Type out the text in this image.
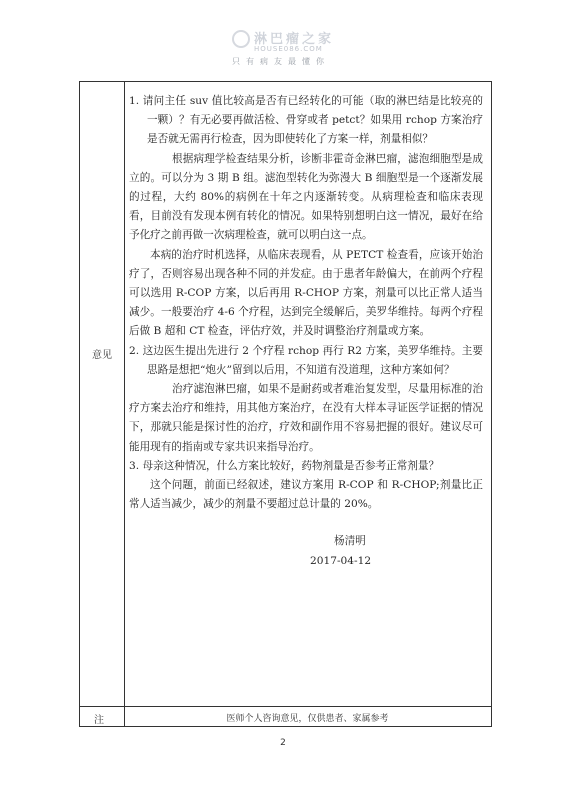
淋巴瘤之家
HOUSE086.COM
只有病友最懂你
意见
注	医师个人咨询意见，仅供患者、家属参考

1. 请问主任 suv 值比较高是否有已经转化的可能（取的淋巴结是比较亮的一颗）？有无必要再做活检、骨穿或者 petct？如果用 rchop 方案治疗是否就无需再行检查，因为即使转化了方案一样，剂量相似？

根据病理学检查结果分析，诊断非霍奇金淋巴瘤，滤泡细胞型是成立的。可以分为 3 期 B 组。滤泡型转化为弥漫大 B 细胞型是一个逐渐发展的过程，大约 80%的病例在十年之内逐渐转变。从病理检查和临床表现看，目前没有发现本例有转化的情况。如果特别想明白这一情况，最好在给予化疗之前再做一次病理检查，就可以明白这一点。

本病的治疗时机选择，从临床表现看，从 PETCT 检查看，应该开始治疗了，否则容易出现各种不同的并发症。由于患者年龄偏大，在前两个疗程可以选用 R-COP 方案，以后再用 R-CHOP 方案，剂量可以比正常人适当减少。一般要治疗 4-6 个疗程，达到完全缓解后，美罗华维持。每两个疗程后做 B 超和 CT 检查，评估疗效，并及时调整治疗剂量或方案。

2. 这边医生提出先进行 2 个疗程 rchop 再行 R2 方案，美罗华维持。主要思路是想把“炮火”留到以后用，不知道有没道理，这种方案如何？

治疗滤泡淋巴瘤，如果不是耐药或者难治复发型，尽量用标准的治疗方案去治疗和维持，用其他方案治疗，在没有大样本寻证医学证据的情况下，那就只能是探讨性的治疗，疗效和副作用不容易把握的很好。建议尽可能用现有的指南或专家共识来指导治疗。

3. 母亲这种情况，什么方案比较好，药物剂量是否参考正常剂量？

这个问题，前面已经叙述，建议方案用 R-COP 和 R-CHOP;剂量比正常人适当减少，减少的剂量不要超过总计量的 20%。

杨清明

2017-04-12

2
